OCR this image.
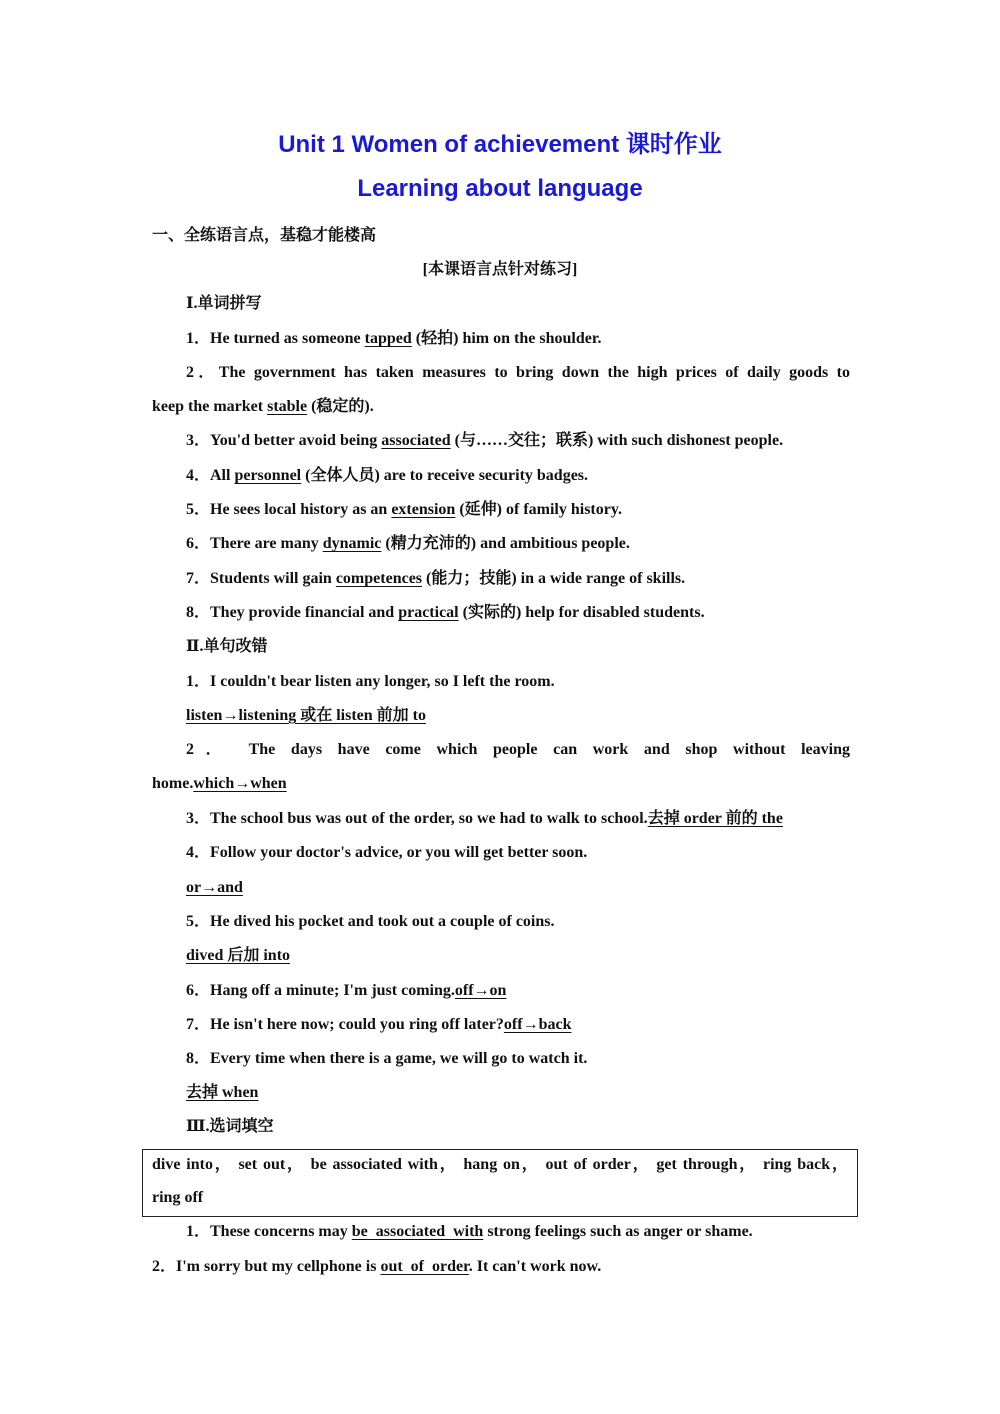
Unit 1 Women of achievement 课时作业
Learning about language
一、全练语言点，基稳才能楼高
[本课语言点针对练习]
Ⅰ.单词拼写
1．He turned as someone tapped (轻拍) him on the shoulder.
2．The government has taken measures to bring down the high prices of daily goods to
keep the market stable (稳定的).
3．You'd better avoid being associated (与……交往；联系) with such dishonest people.
4．All personnel (全体人员) are to receive security badges.
5．He sees local history as an extension (延伸) of family history.
6．There are many dynamic (精力充沛的) and ambitious people.
7．Students will gain competences (能力；技能) in a wide range of skills.
8．They provide financial and practical (实际的) help for disabled students.
Ⅱ.单句改错
1．I couldn't bear listen any longer, so I left the room.
listen→listening 或在 listen 前加 to
2． The days have come which people can work and shop without leaving
home.which→when
3．The school bus was out of the order, so we had to walk to school.去掉 order 前的 the
4．Follow your doctor's advice, or you will get better soon.
or→and
5．He dived his pocket and took out a couple of coins.
dived 后加 into
6．Hang off a minute; I'm just coming.off→on
7．He isn't here now; could you ring off later?off→back
8．Every time when there is a game, we will go to watch it.
去掉 when
Ⅲ.选词填空
dive into， set out， be associated with， hang on， out of order， get through， ring back，
ring off
1．These concerns may be  associated  with strong feelings such as anger or shame.
2．I'm sorry but my cellphone is out  of  order. It can't work now.
